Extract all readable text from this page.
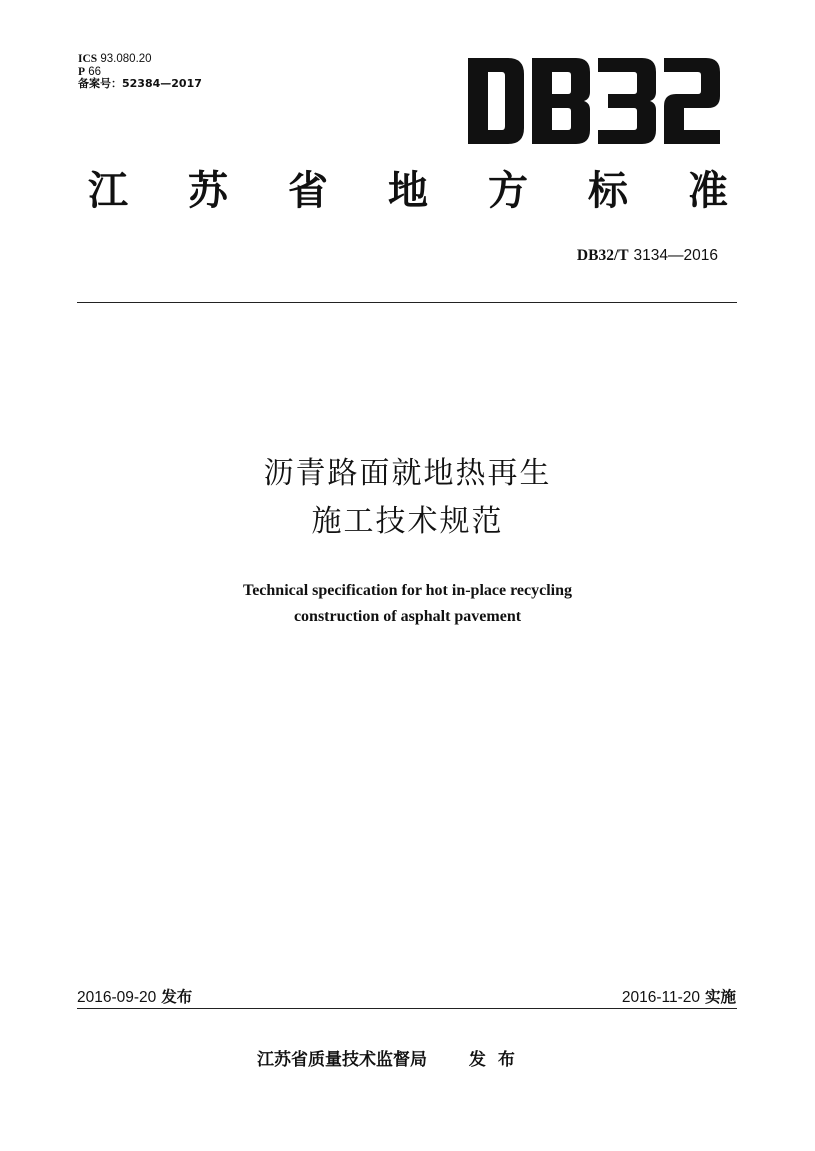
ICS 93.080.20
P 66
备案号：52384—2017
江 苏 省 地 方 标 准
DB32/T 3134—2016
沥青路面就地热再生
施工技术规范
Technical specification for hot in-place recycling
construction of asphalt pavement
2016-09-20 发布	2016-11-20 实施
江苏省质量技术监督局 发布
